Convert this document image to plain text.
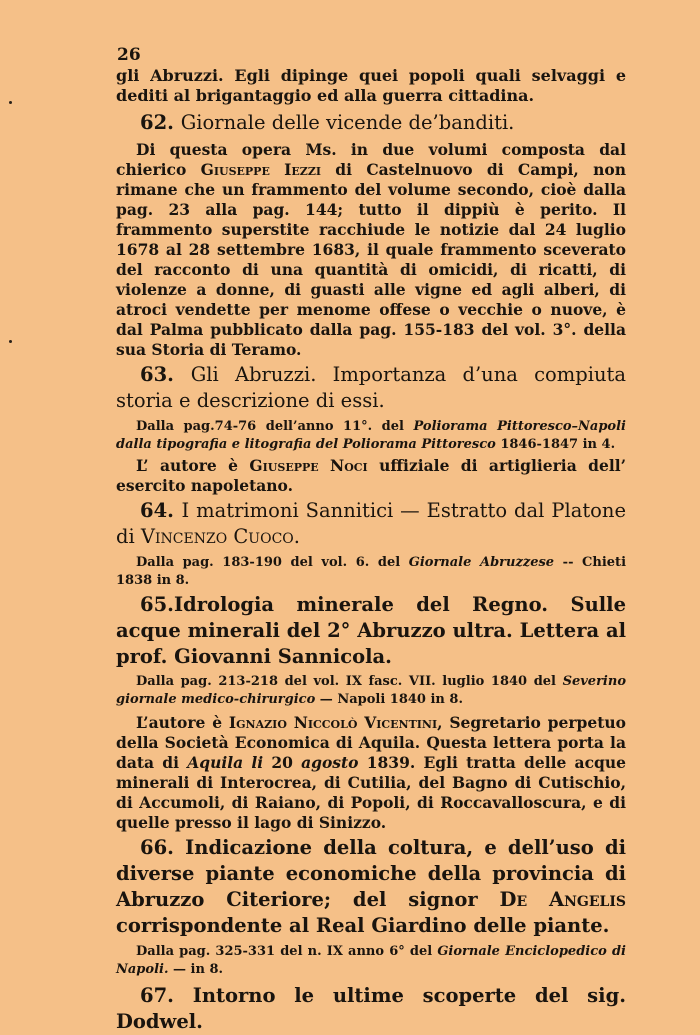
26

gli Abruzzi. Egli dipinge quei popoli quali selvaggi e dediti al brigantaggio ed alla guerra cittadina.

62. Giornale delle vicende de’banditi.

Di questa opera Ms. in due volumi composta dal chierico Giuseppe Iezzi di Castelnuovo di Campi, non rimane che un frammento del volume secondo, cioè dalla pag. 23 alla pag. 144; tutto il dippiù è perito. Il frammento superstite racchiude le notizie dal 24 luglio 1678 al 28 settembre 1683, il quale frammento sceverato del racconto di una quantità di omicidi, di ricatti, di violenze a donne, di guasti alle vigne ed agli alberi, di atroci vendette per menome offese o vecchie o nuove, è dal Palma pubblicato dalla pag. 155-183 del vol. 3°. della sua Storia di Teramo.

63. Gli Abruzzi. Importanza d’una compiuta storia e descrizione di essi.

Dalla pag.74-76 dell’anno 11°. del Poliorama Pittoresco–Napoli dalla tipografia e litografia del Poliorama Pittoresco 1846-1847 in 4.

L’ autore è Giuseppe Noci uffiziale di artiglieria dell’ esercito napoletano.

64. I matrimoni Sannitici — Estratto dal Platone di Vincenzo Cuoco.

Dalla pag. 183-190 del vol. 6. del Giornale Abruzzese -- Chieti 1838 in 8.

65.Idrologia minerale del Regno. Sulle acque minerali del 2° Abruzzo ultra. Lettera al prof. Giovanni Sannicola.

Dalla pag. 213-218 del vol. IX fasc. VII. luglio 1840 del Severino giornale medico-chirurgico — Napoli 1840 in 8.

L’autore è Ignazio Niccolò Vicentini, Segretario perpetuo della Società Economica di Aquila. Questa lettera porta la data di Aquila li 20 agosto 1839. Egli tratta delle acque minerali di Interocrea, di Cutilia, del Bagno di Cutischio, di Accumoli, di Raiano, di Popoli, di Roccavalloscura, e di quelle presso il lago di Sinizzo.

66. Indicazione della coltura, e dell’uso di diverse piante economiche della provincia di Abruzzo Citeriore; del signor De Angelis corrispondente al Real Giardino delle piante.

Dalla pag. 325-331 del n. IX anno 6° del Giornale Enciclopedico di Napoli. — in 8.

67. Intorno le ultime scoperte del sig. Dodwel.
